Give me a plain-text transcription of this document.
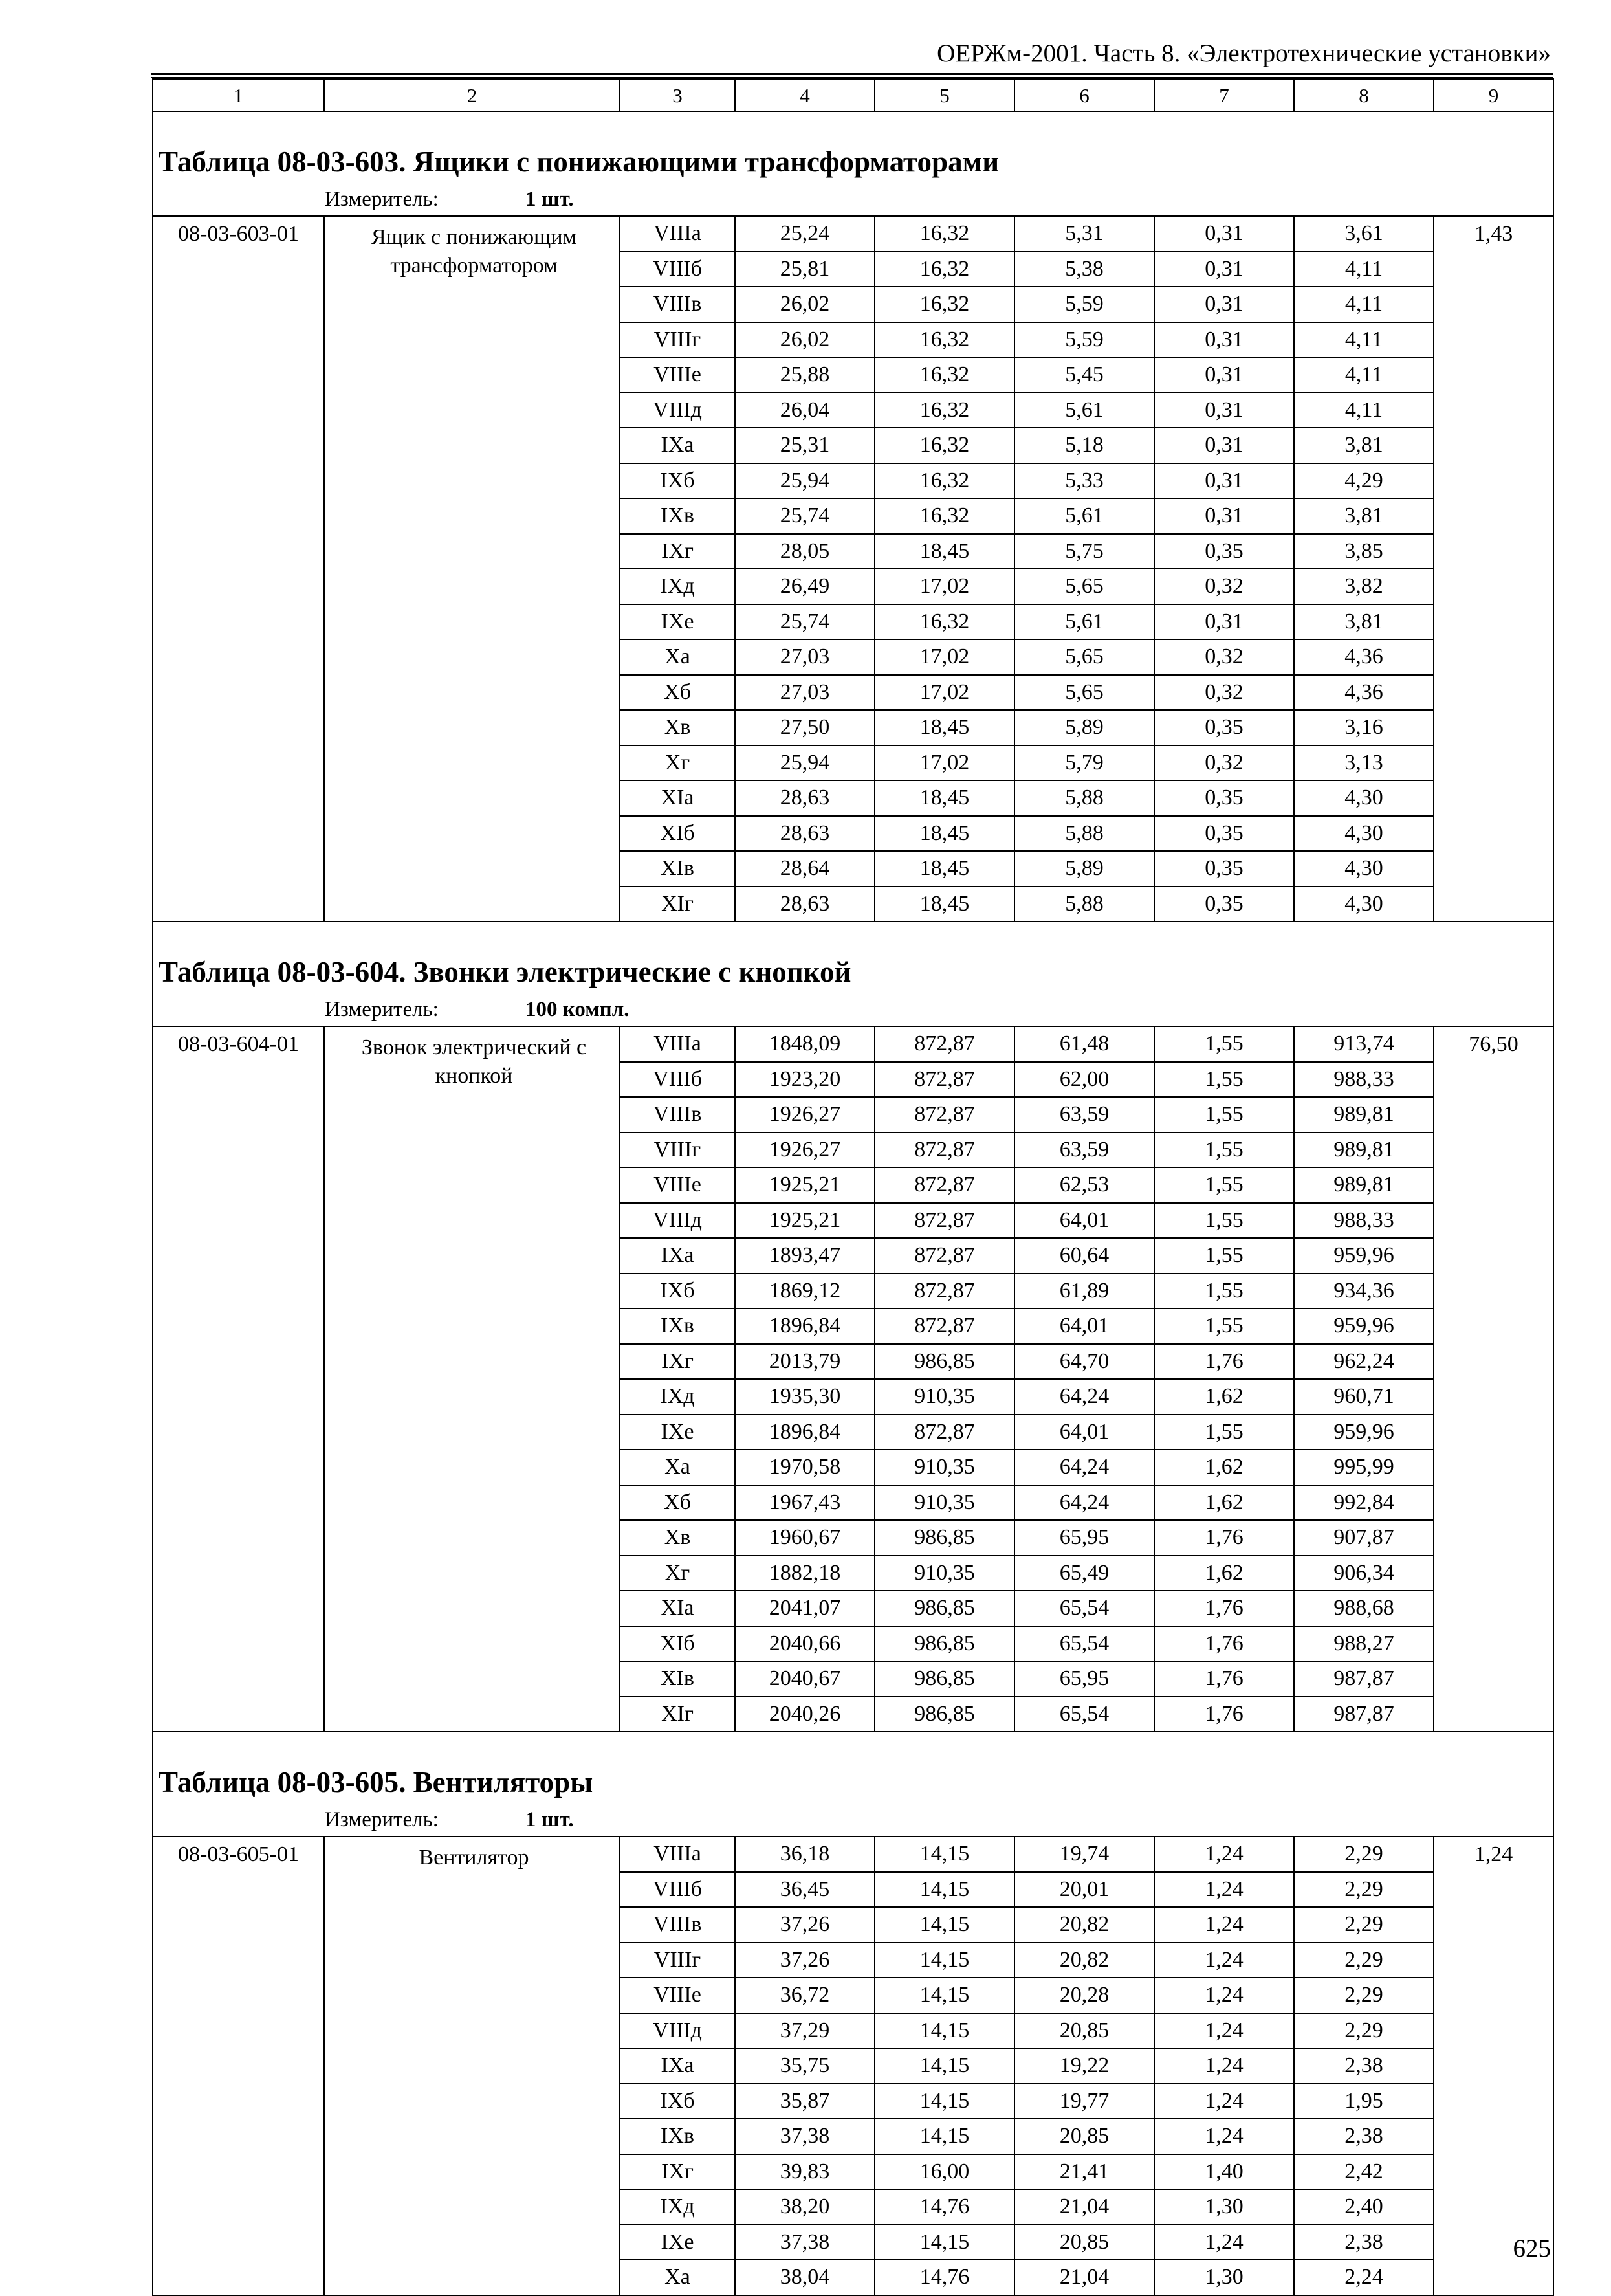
ОЕРЖм-2001. Часть 8. «Электротехнические установки»
1	2	3	4	5	6	7	8	9
Таблица 08-03-603. Ящики с понижающими трансформаторами								
Измеритель: 1 шт.								
08-03-603-01	Ящик с понижающим трансформатором	VIIIа	25,24	16,32	5,31	0,31	3,61	1,43
		VIIIб	25,81	16,32	5,38	0,31	4,11	
		VIIIв	26,02	16,32	5,59	0,31	4,11	
		VIIIг	26,02	16,32	5,59	0,31	4,11	
		VIIIе	25,88	16,32	5,45	0,31	4,11	
		VIIIд	26,04	16,32	5,61	0,31	4,11	
		IХа	25,31	16,32	5,18	0,31	3,81	
		IХб	25,94	16,32	5,33	0,31	4,29	
		IХв	25,74	16,32	5,61	0,31	3,81	
		IХг	28,05	18,45	5,75	0,35	3,85	
		IХд	26,49	17,02	5,65	0,32	3,82	
		IХе	25,74	16,32	5,61	0,31	3,81	
		Ха	27,03	17,02	5,65	0,32	4,36	
		Хб	27,03	17,02	5,65	0,32	4,36	
		Хв	27,50	18,45	5,89	0,35	3,16	
		Хг	25,94	17,02	5,79	0,32	3,13	
		ХIа	28,63	18,45	5,88	0,35	4,30	
		ХIб	28,63	18,45	5,88	0,35	4,30	
		ХIв	28,64	18,45	5,89	0,35	4,30	
		ХIг	28,63	18,45	5,88	0,35	4,30	
Таблица 08-03-604. Звонки электрические с кнопкой								
Измеритель: 100 компл.								
08-03-604-01	Звонок электрический с кнопкой	VIIIа	1848,09	872,87	61,48	1,55	913,74	76,50
		VIIIб	1923,20	872,87	62,00	1,55	988,33	
		VIIIв	1926,27	872,87	63,59	1,55	989,81	
		VIIIг	1926,27	872,87	63,59	1,55	989,81	
		VIIIе	1925,21	872,87	62,53	1,55	989,81	
		VIIIд	1925,21	872,87	64,01	1,55	988,33	
		IХа	1893,47	872,87	60,64	1,55	959,96	
		IХб	1869,12	872,87	61,89	1,55	934,36	
		IХв	1896,84	872,87	64,01	1,55	959,96	
		IХг	2013,79	986,85	64,70	1,76	962,24	
		IХд	1935,30	910,35	64,24	1,62	960,71	
		IХе	1896,84	872,87	64,01	1,55	959,96	
		Ха	1970,58	910,35	64,24	1,62	995,99	
		Хб	1967,43	910,35	64,24	1,62	992,84	
		Хв	1960,67	986,85	65,95	1,76	907,87	
		Хг	1882,18	910,35	65,49	1,62	906,34	
		ХIа	2041,07	986,85	65,54	1,76	988,68	
		ХIб	2040,66	986,85	65,54	1,76	988,27	
		ХIв	2040,67	986,85	65,95	1,76	987,87	
		ХIг	2040,26	986,85	65,54	1,76	987,87	
Таблица 08-03-605. Вентиляторы								
Измеритель: 1 шт.								
08-03-605-01	Вентилятор	VIIIа	36,18	14,15	19,74	1,24	2,29	1,24
		VIIIб	36,45	14,15	20,01	1,24	2,29	
		VIIIв	37,26	14,15	20,82	1,24	2,29	
		VIIIг	37,26	14,15	20,82	1,24	2,29	
		VIIIе	36,72	14,15	20,28	1,24	2,29	
		VIIIд	37,29	14,15	20,85	1,24	2,29	
		IХа	35,75	14,15	19,22	1,24	2,38	
		IХб	35,87	14,15	19,77	1,24	1,95	
		IХв	37,38	14,15	20,85	1,24	2,38	
		IХг	39,83	16,00	21,41	1,40	2,42	
		IХд	38,20	14,76	21,04	1,30	2,40	
		IХе	37,38	14,15	20,85	1,24	2,38	
		Ха	38,04	14,76	21,04	1,30	2,24	
625
